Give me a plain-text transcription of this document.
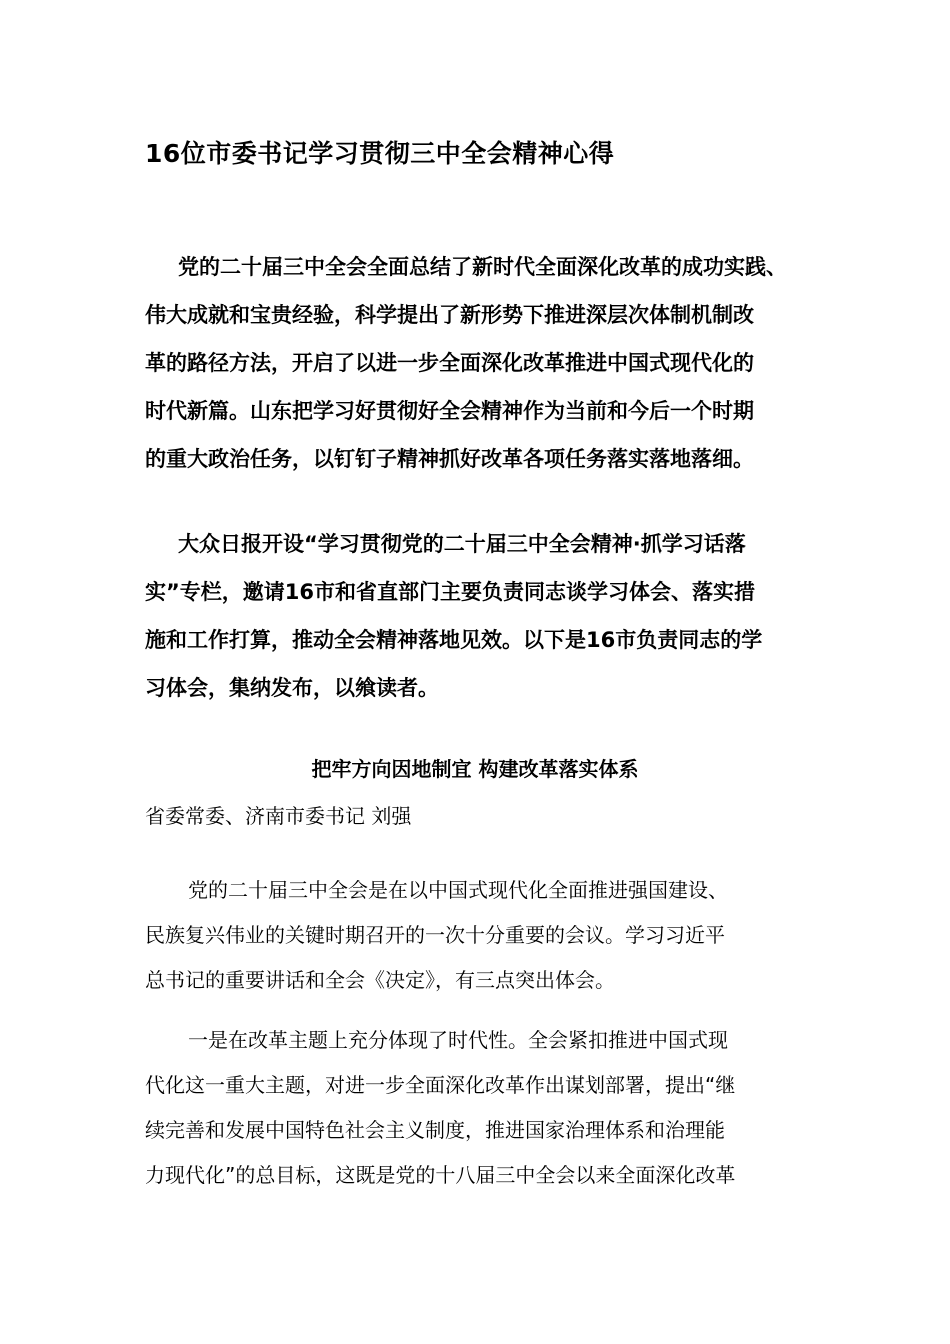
16位市委书记学习贯彻三中全会精神心得
党的二十届三中全会全面总结了新时代全面深化改革的成功实践、
伟大成就和宝贵经验，科学提出了新形势下推进深层次体制机制改
革的路径方法，开启了以进一步全面深化改革推进中国式现代化的
时代新篇。山东把学习好贯彻好全会精神作为当前和今后一个时期
的重大政治任务，以钉钉子精神抓好改革各项任务落实落地落细。
大众日报开设“学习贯彻党的二十届三中全会精神·抓学习话落
实”专栏，邀请16市和省直部门主要负责同志谈学习体会、落实措
施和工作打算，推动全会精神落地见效。以下是16市负责同志的学
习体会，集纳发布，以飨读者。
把牢方向因地制宜 构建改革落实体系
省委常委、济南市委书记 刘强
党的二十届三中全会是在以中国式现代化全面推进强国建设、
民族复兴伟业的关键时期召开的一次十分重要的会议。学习习近平
总书记的重要讲话和全会《决定》，有三点突出体会。
一是在改革主题上充分体现了时代性。全会紧扣推进中国式现
代化这一重大主题，对进一步全面深化改革作出谋划部署，提出“继
续完善和发展中国特色社会主义制度，推进国家治理体系和治理能
力现代化”的总目标，这既是党的十八届三中全会以来全面深化改革
